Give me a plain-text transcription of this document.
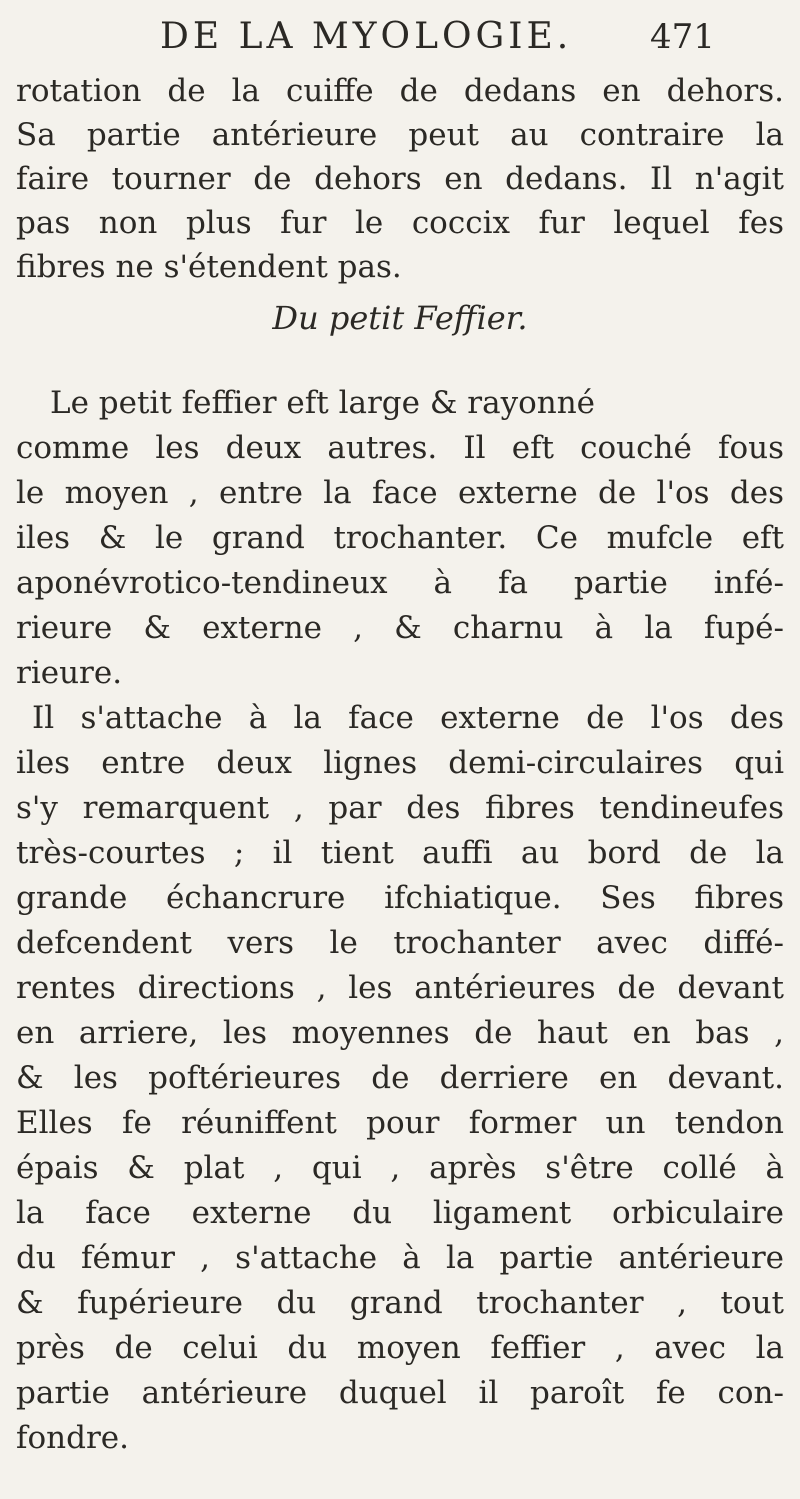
DE LA MYOLOGIE. 471
rotation de la cuiffe de dedans en dehors.
Sa partie antérieure peut au contraire la
faire tourner de dehors en dedans. Il n'agit
pas non plus fur le coccix fur lequel fes
fibres ne s'étendent pas.
Du petit Feffier.
Le petit feffier eft large & rayonné
comme les deux autres. Il eft couché fous
le moyen , entre la face externe de l'os des
iles & le grand trochanter. Ce mufcle eft
aponévrotico-tendineux à fa partie infé-
rieure & externe , & charnu à la fupé-
rieure.
Il s'attache à la face externe de l'os des
iles entre deux lignes demi-circulaires qui
s'y remarquent , par des fibres tendineufes
très-courtes ; il tient auffi au bord de la
grande échancrure ifchiatique. Ses fibres
defcendent vers le trochanter avec diffé-
rentes directions , les antérieures de devant
en arriere, les moyennes de haut en bas ,
& les poftérieures de derriere en devant.
Elles fe réuniffent pour former un tendon
épais & plat , qui , après s'être collé à
la face externe du ligament orbiculaire
du fémur , s'attache à la partie antérieure
& fupérieure du grand trochanter , tout
près de celui du moyen feffier , avec la
partie antérieure duquel il paroît fe con-
fondre.
